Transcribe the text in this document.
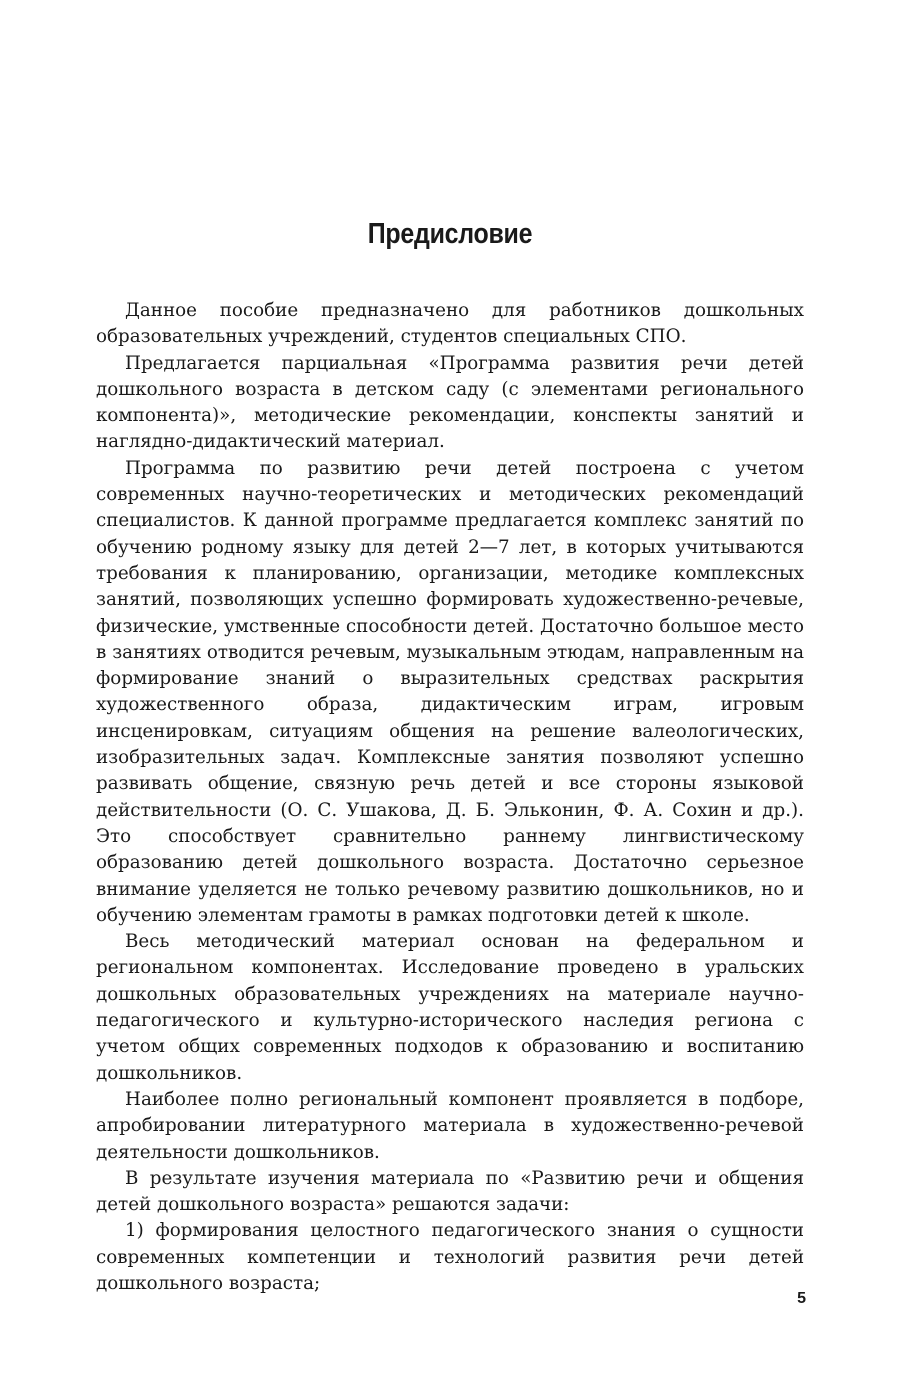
Предисловие

Данное пособие предназначено для работников дошкольных образовательных учреждений, студентов специальных СПО.

Предлагается парциальная «Программа развития речи детей дошкольного возраста в детском саду (с элементами регионального компонента)», методические рекомендации, конспекты занятий и наглядно-дидактический материал.

Программа по развитию речи детей построена с учетом современных научно-теоретических и методических рекомендаций специалистов. К данной программе предлагается комплекс занятий по обучению родному языку для детей 2—7 лет, в которых учитываются требования к планированию, организации, методике комплексных занятий, позволяющих успешно формировать художественно-речевые, физические, умственные способности детей. Достаточно большое место в занятиях отводится речевым, музыкальным этюдам, направленным на формирование знаний о выразительных средствах раскрытия художественного образа, дидактическим играм, игровым инсценировкам, ситуациям общения на решение валеологических, изобразительных задач. Комплексные занятия позволяют успешно развивать общение, связную речь детей и все стороны языковой действительности (О. С. Ушакова, Д. Б. Эльконин, Ф. А. Сохин и др.). Это способствует сравнительно раннему лингвистическому образованию детей дошкольного возраста. Достаточно серьезное внимание уделяется не только речевому развитию дошкольников, но и обучению элементам грамоты в рамках подготовки детей к школе.

Весь методический материал основан на федеральном и региональном компонентах. Исследование проведено в уральских дошкольных образовательных учреждениях на материале научно-педагогического и культурно-исторического наследия региона с учетом общих современных подходов к образованию и воспитанию дошкольников.

Наиболее полно региональный компонент проявляется в подборе, апробировании литературного материала в художественно-речевой деятельности дошкольников.

В результате изучения материала по «Развитию речи и общения детей дошкольного возраста» решаются задачи:

1) формирования целостного педагогического знания о сущности современных компетенции и технологий развития речи детей дошкольного возраста;

5
